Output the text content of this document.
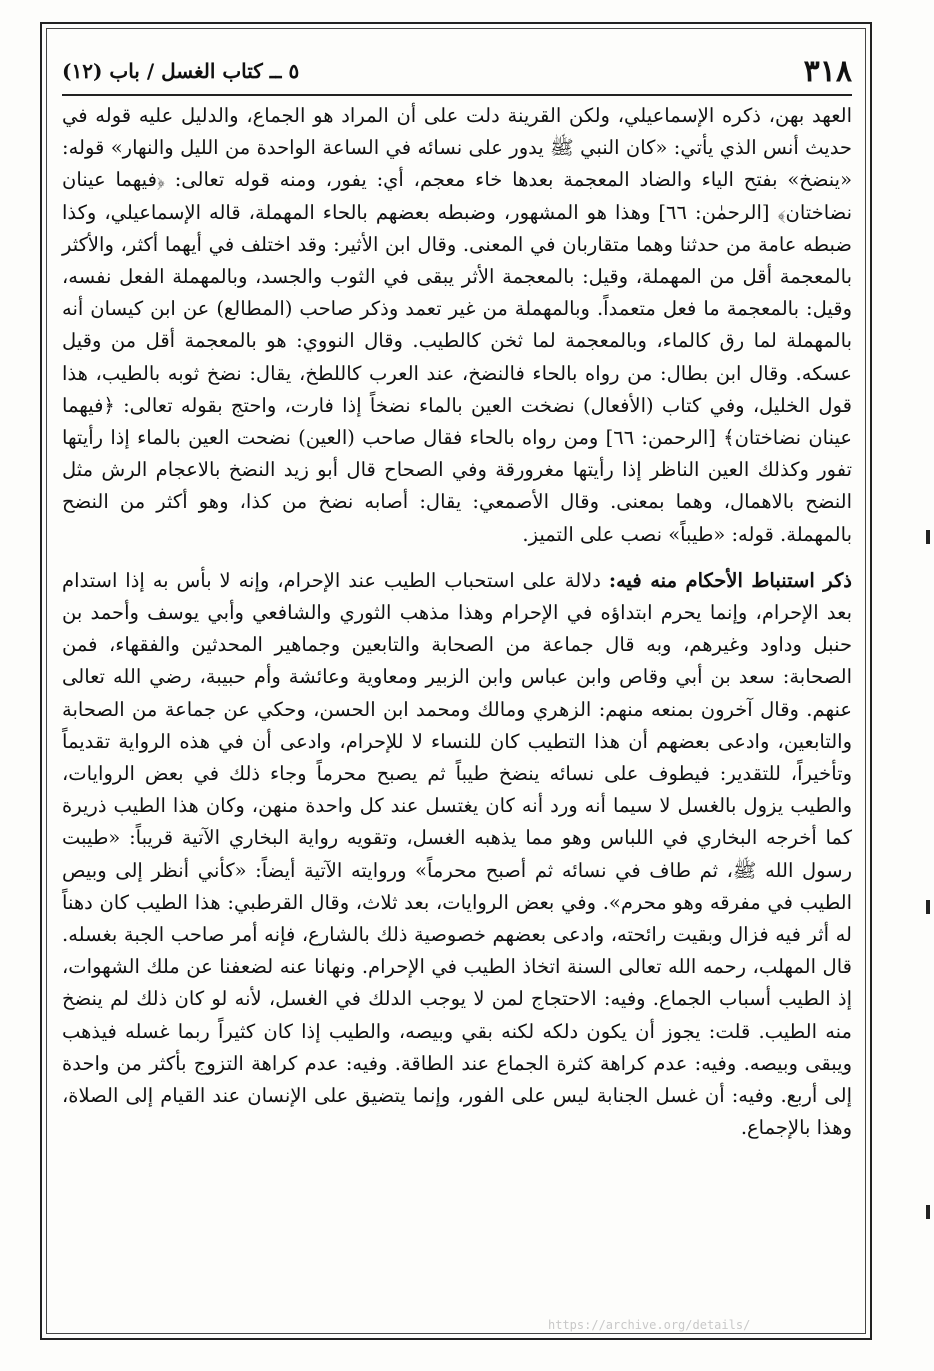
٣١٨
٥ ــ كتاب الغسل / باب (١٢)

العهد بهن، ذكره الإسماعيلي، ولكن القرينة دلت على أن المراد هو الجماع، والدليل عليه قوله في حديث أنس الذي يأتي: «كان النبي ﷺ يدور على نسائه في الساعة الواحدة من الليل والنهار» قوله: «ينضخ» بفتح الياء والضاد المعجمة بعدها خاء معجم، أي: يفور، ومنه قوله تعالى: ﴿فيهما عينان نضاختان﴾ [الرحمٰن: ٦٦] وهذا هو المشهور، وضبطه بعضهم بالحاء المهملة، قاله الإسماعيلي، وكذا ضبطه عامة من حدثنا وهما متقاربان في المعنى. وقال ابن الأثير: وقد اختلف في أيهما أكثر، والأكثر بالمعجمة أقل من المهملة، وقيل: بالمعجمة الأثر يبقى في الثوب والجسد، وبالمهملة الفعل نفسه، وقيل: بالمعجمة ما فعل متعمداً. وبالمهملة من غير تعمد وذكر صاحب (المطالع) عن ابن كيسان أنه بالمهملة لما رق كالماء، وبالمعجمة لما ثخن كالطيب. وقال النووي: هو بالمعجمة أقل من وقيل عسكه. وقال ابن بطال: من رواه بالحاء فالنضخ، عند العرب كاللطخ، يقال: نضخ ثوبه بالطيب، هذا قول الخليل، وفي كتاب (الأفعال) نضخت العين بالماء نضخاً إذا فارت، واحتج بقوله تعالى: ﴿فيهما عينان نضاختان﴾ [الرحمن: ٦٦] ومن رواه بالحاء فقال صاحب (العين) نضحت العين بالماء إذا رأيتها تفور وكذلك العين الناظر إذا رأيتها مغرورقة وفي الصحاح قال أبو زيد النضخ بالاعجام الرش مثل النضح بالاهمال، وهما بمعنى. وقال الأصمعي: يقال: أصابه نضخ من كذا، وهو أكثر من النضح بالمهملة. قوله: «طيباً» نصب على التميز.

ذكر استنباط الأحكام منه فيه: دلالة على استحباب الطيب عند الإحرام، وإنه لا بأس به إذا استدام بعد الإحرام، وإنما يحرم ابتداؤه في الإحرام وهذا مذهب الثوري والشافعي وأبي يوسف وأحمد بن حنبل وداود وغيرهم، وبه قال جماعة من الصحابة والتابعين وجماهير المحدثين والفقهاء، فمن الصحابة: سعد بن أبي وقاص وابن عباس وابن الزبير ومعاوية وعائشة وأم حبيبة، رضي الله تعالى عنهم. وقال آخرون بمنعه منهم: الزهري ومالك ومحمد ابن الحسن، وحكي عن جماعة من الصحابة والتابعين، وادعى بعضهم أن هذا التطيب كان للنساء لا للإحرام، وادعى أن في هذه الرواية تقديماً وتأخيراً، للتقدير: فيطوف على نسائه ينضخ طيباً ثم يصبح محرماً وجاء ذلك في بعض الروايات، والطيب يزول بالغسل لا سيما أنه ورد أنه كان يغتسل عند كل واحدة منهن، وكان هذا الطيب ذريرة كما أخرجه البخاري في اللباس وهو مما يذهبه الغسل، وتقويه رواية البخاري الآتية قريباً: «طيبت رسول الله ﷺ، ثم طاف في نسائه ثم أصبح محرماً» وروايته الآتية أيضاً: «كأني أنظر إلى وبيص الطيب في مفرقه وهو محرم». وفي بعض الروايات، بعد ثلاث، وقال القرطبي: هذا الطيب كان دهناً له أثر فيه فزال وبقيت رائحته، وادعى بعضهم خصوصية ذلك بالشارع، فإنه أمر صاحب الجبة بغسله. قال المهلب، رحمه الله تعالى السنة اتخاذ الطيب في الإحرام. ونهانا عنه لضعفنا عن ملك الشهوات، إذ الطيب أسباب الجماع. وفيه: الاحتجاج لمن لا يوجب الدلك في الغسل، لأنه لو كان ذلك لم ينضخ منه الطيب. قلت: يجوز أن يكون دلكه لكنه بقي وبيصه، والطيب إذا كان كثيراً ربما غسله فيذهب ويبقى وبيصه. وفيه: عدم كراهة كثرة الجماع عند الطاقة. وفيه: عدم كراهة التزوج بأكثر من واحدة إلى أربع. وفيه: أن غسل الجنابة ليس على الفور، وإنما يتضيق على الإنسان عند القيام إلى الصلاة، وهذا بالإجماع.

https://archive.org/details/
